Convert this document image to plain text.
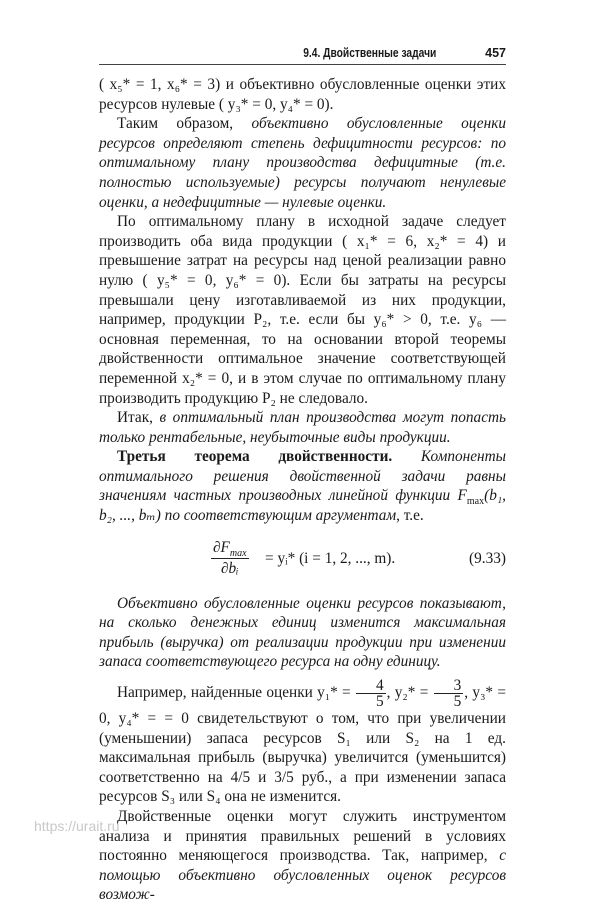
9.4. Двойственные задачи	457

( x₅* = 1, x₆* = 3) и объективно обусловленные оценки этих ресурсов нулевые ( y₃* = 0, y₄* = 0).

Таким образом, объективно обусловленные оценки ресурсов определяют степень дефицитности ресурсов: по оптимальному плану производства дефицитные (т.е. полностью используемые) ресурсы получают ненулевые оценки, а недефицитные — нулевые оценки.

По оптимальному плану в исходной задаче следует производить оба вида продукции ( x₁* = 6, x₂* = 4) и превышение затрат на ресурсы над ценой реализации равно нулю ( y₅* = 0, y₆* = 0). Если бы затраты на ресурсы превышали цену изготавливаемой из них продукции, например, продукции P₂, т.е. если бы y₆* > 0, т.е. y₆ — основная переменная, то на основании второй теоремы двойственности оптимальное значение соответствующей переменной x₂* = 0, и в этом случае по оптимальному плану производить продукцию P₂ не следовало.

Итак, в оптимальный план производства могут попасть только рентабельные, неубыточные виды продукции.

Третья теорема двойственности. Компоненты оптимального решения двойственной задачи равны значениям частных производных линейной функции $F_{max}(b_1$, b₂, ..., bₘ) по соответствующим аргументам, т.е.

$\partial F_{max}$
∂bᵢ
= yᵢ* (i = 1, 2, ..., m).	(9.33)

Объективно обусловленные оценки ресурсов показывают, на сколько денежных единиц изменится максимальная прибыль (выручка) от реализации продукции при изменении запаса соответствующего ресурса на одну единицу.

Например, найденные оценки $y_1* = \frac{4}{5}$ , $y_2* = \frac{3}{5}$ , y₃* = 0, y₄* = = 0 свидетельствуют о том, что при увеличении (уменьшении) запаса ресурсов S₁ или S₂ на 1 ед. максимальная прибыль (выручка) увеличится (уменьшится) соответственно на 4/5 и 3/5 руб., а при изменении запаса ресурсов S₃ или S₄ она не изменится.

Двойственные оценки могут служить инструментом анализа и принятия правильных решений в условиях постоянно меняющегося производства. Так, например, с помощью объективно обусловленных оценок ресурсов возмож-

https://urait.ru
